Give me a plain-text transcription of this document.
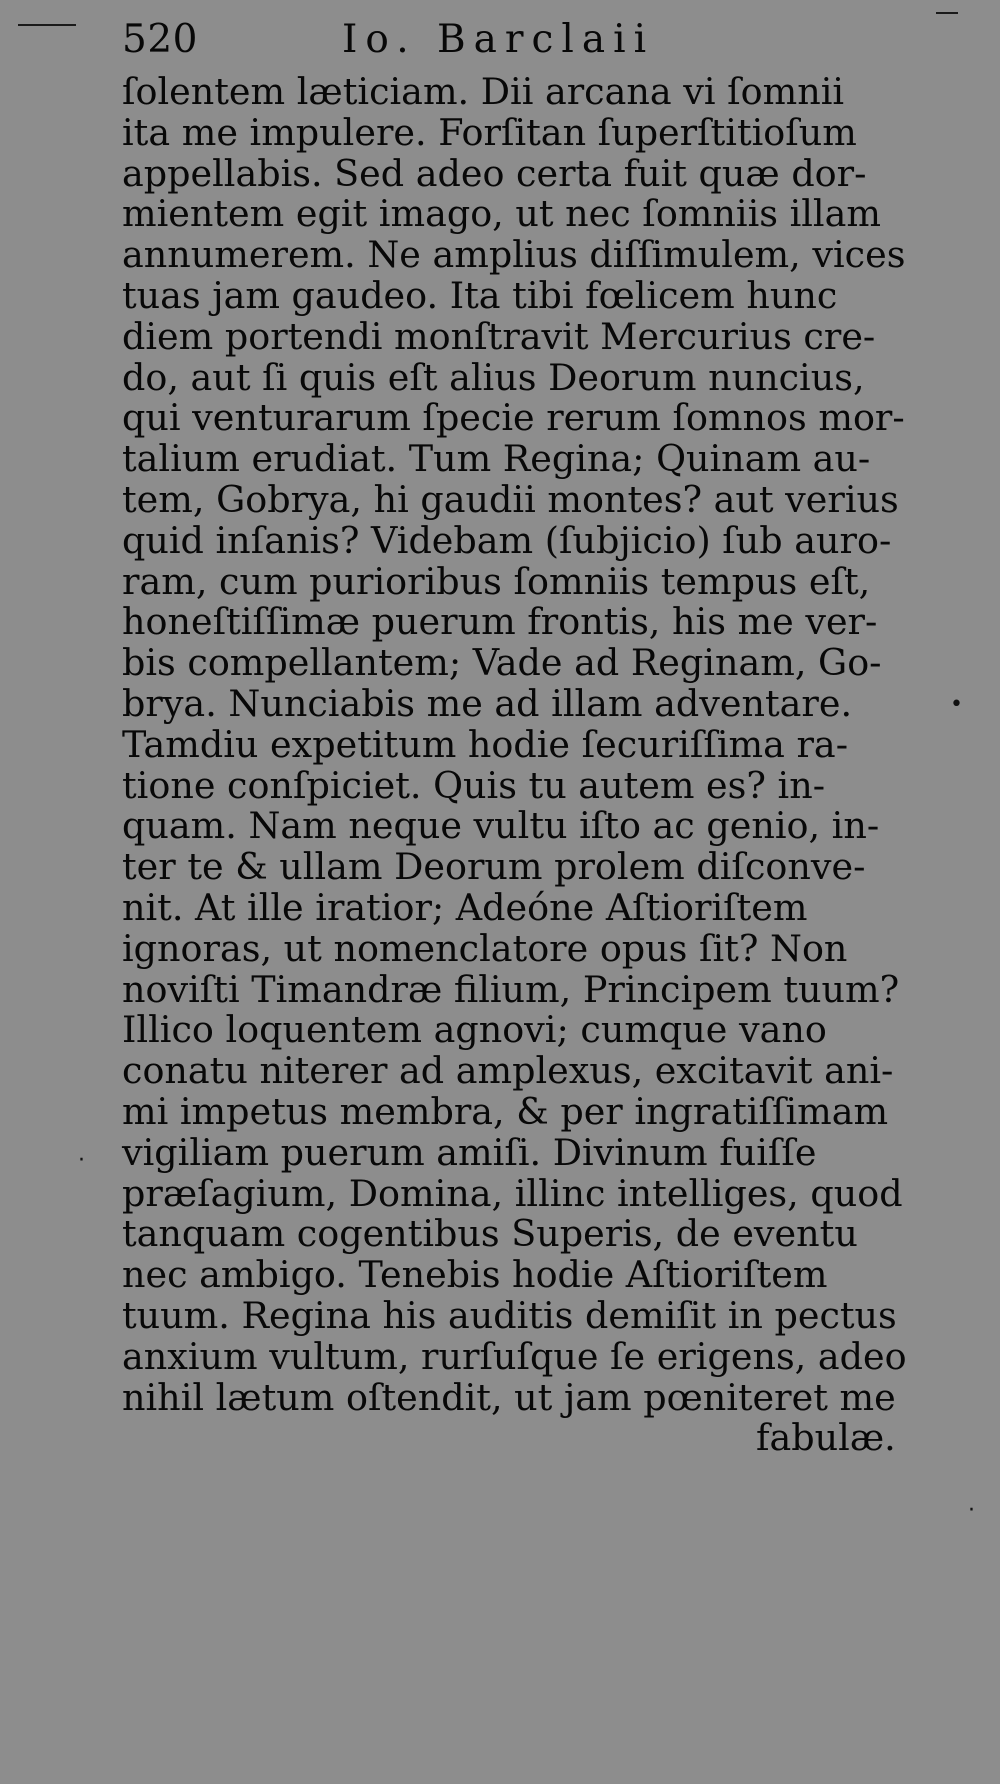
520	Io. Barclaii
ſolentem læticiam. Dii arcana vi ſomnii
ita me impulere. Forſitan ſuperſtitioſum
appellabis. Sed adeo certa fuit quæ dor-
mientem egit imago, ut nec ſomniis illam
annumerem. Ne amplius diſſimulem, vices
tuas jam gaudeo. Ita tibi fœlicem hunc
diem portendi monſtravit Mercurius cre-
do, aut ſi quis eſt alius Deorum nuncius,
qui venturarum ſpecie rerum ſomnos mor-
talium erudiat. Tum Regina; Quinam au-
tem, Gobrya, hi gaudii montes? aut verius
quid inſanis? Videbam (ſubjicio) ſub auro-
ram, cum purioribus ſomniis tempus eſt,
honeſtiſſimæ puerum frontis, his me ver-
bis compellantem; Vade ad Reginam, Go-
brya. Nunciabis me ad illam adventare.
Tamdiu expetitum hodie ſecuriſſima ra-
tione conſpiciet. Quis tu autem es? in-
quam. Nam neque vultu iſto ac genio, in-
ter te & ullam Deorum prolem diſconve-
nit. At ille iratior; Adeóne Aſtioriſtem
ignoras, ut nomenclatore opus ſit? Non
noviſti Timandræ filium, Principem tuum?
Illico loquentem agnovi; cumque vano
conatu niterer ad amplexus, excitavit ani-
mi impetus membra, & per ingratiſſimam
vigiliam puerum amiſi. Divinum fuiſſe
præſagium, Domina, illinc intelliges, quod
tanquam cogentibus Superis, de eventu
nec ambigo. Tenebis hodie Aſtioriſtem
tuum. Regina his auditis demiſit in pectus
anxium vultum, rurſuſque ſe erigens, adeo
nihil lætum oſtendit, ut jam pœniteret me
fabulæ.
•
·
·
